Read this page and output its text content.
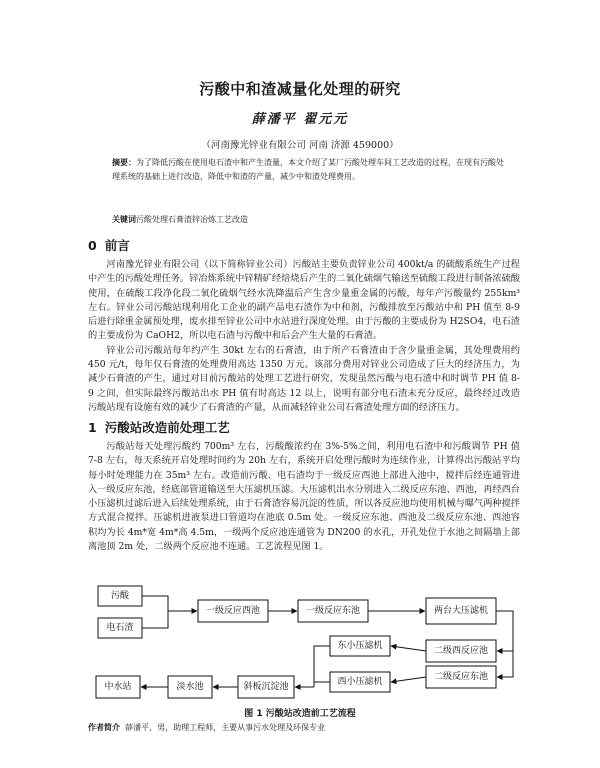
污酸中和渣减量化处理的研究
薛潘平 翟元元
（河南豫光锌业有限公司 河南 济源 459000）
摘要：为了降低污酸在使用电石渣中和产生渣量，本文介绍了某厂污酸处理车间工艺改造的过程，在现有污酸处理系统的基础上进行改造，降低中和渣的产量，减少中和渣处理费用。
关键词污酸处理石膏渣锌冶炼工艺改造
0 前言

河南豫光锌业有限公司（以下简称锌业公司）污酸站主要负责锌业公司 400kt/a 的硫酸系统生产过程中产生的污酸处理任务。锌冶炼系统中锌精矿经焙烧后产生的二氧化硫烟气输送至硫酸工段进行制备浓硫酸使用，在硫酸工段净化段二氧化硫烟气经水洗降温后产生含少量重金属的污酸，每年产污酸量约 255km³ 左右。锌业公司污酸站现利用化工企业的副产品电石渣作为中和剂，污酸排放至污酸站中和 PH 值至 8-9 后进行除重金属预处理，废水排至锌业公司中水站进行深度处理。由于污酸的主要成份为 H2SO4，电石渣的主要成份为 CaOH2，所以电石渣与污酸中和后会产生大量的石膏渣。

锌业公司污酸站每年约产生 30kt 左右的石膏渣，由于所产石膏渣由于含少量重金属，其处理费用约 450 元/t，每年仅石膏渣的处理费用高达 1350 万元。该部分费用对锌业公司造成了巨大的经济压力，为减少石膏渣的产生，通过对目前污酸站的处理工艺进行研究，发现虽然污酸与电石渣中和时调节 PH 值 8-9 之间，但实际最终污酸站出水 PH 值有时高达 12 以上，说明有部分电石渣未充分反应，最终经过改造污酸站现有设施有效的减少了石膏渣的产量，从而减轻锌业公司石膏渣处理方面的经济压力。

1 污酸站改造前处理工艺

污酸站每天处理污酸约 700m³ 左右，污酸酸浓约在 3%-5%之间，利用电石渣中和污酸调节 PH 值 7-8 左右，每天系统开启处理时间约为 20h 左右，系统开启处理污酸时为连续作业，计算得出污酸站平均每小时处理能力在 35m³ 左右。改造前污酸、电石渣均于一级反应西池上部进入池中，搅拌后经连通管进入一级反应东池，经底部管道输送至大压滤机压滤。大压滤机出水分别进入二级反应东池、西池，再经西台小压滤机过滤后进入后续处理系统，由于石膏渣容易沉淀的性质，所以各反应池均使用机械与曝气两种搅拌方式混合搅拌。压滤机进液泵进口管道均在池底 0.5m 处。一级反应东池、西池及二级反应东池、西池容积均为长 4m*宽 4m*高 4.5m，一级两个反应池连通管为 DN200 的水孔，开孔处位于水池之间隔墙上部离池顶 2m 处，二级两个反应池不连通。工艺流程见图 1。

污酸
电石渣
一级反应西池	一级反应东池	两台大压滤机
东小压滤机	二级西反应池
西小压滤机	二级反应东池
中水站	淡水池	斜板沉淀池
图 1 污酸站改造前工艺流程
作者简介 薛潘平，男，助理工程师，主要从事污水处理及环保专业
